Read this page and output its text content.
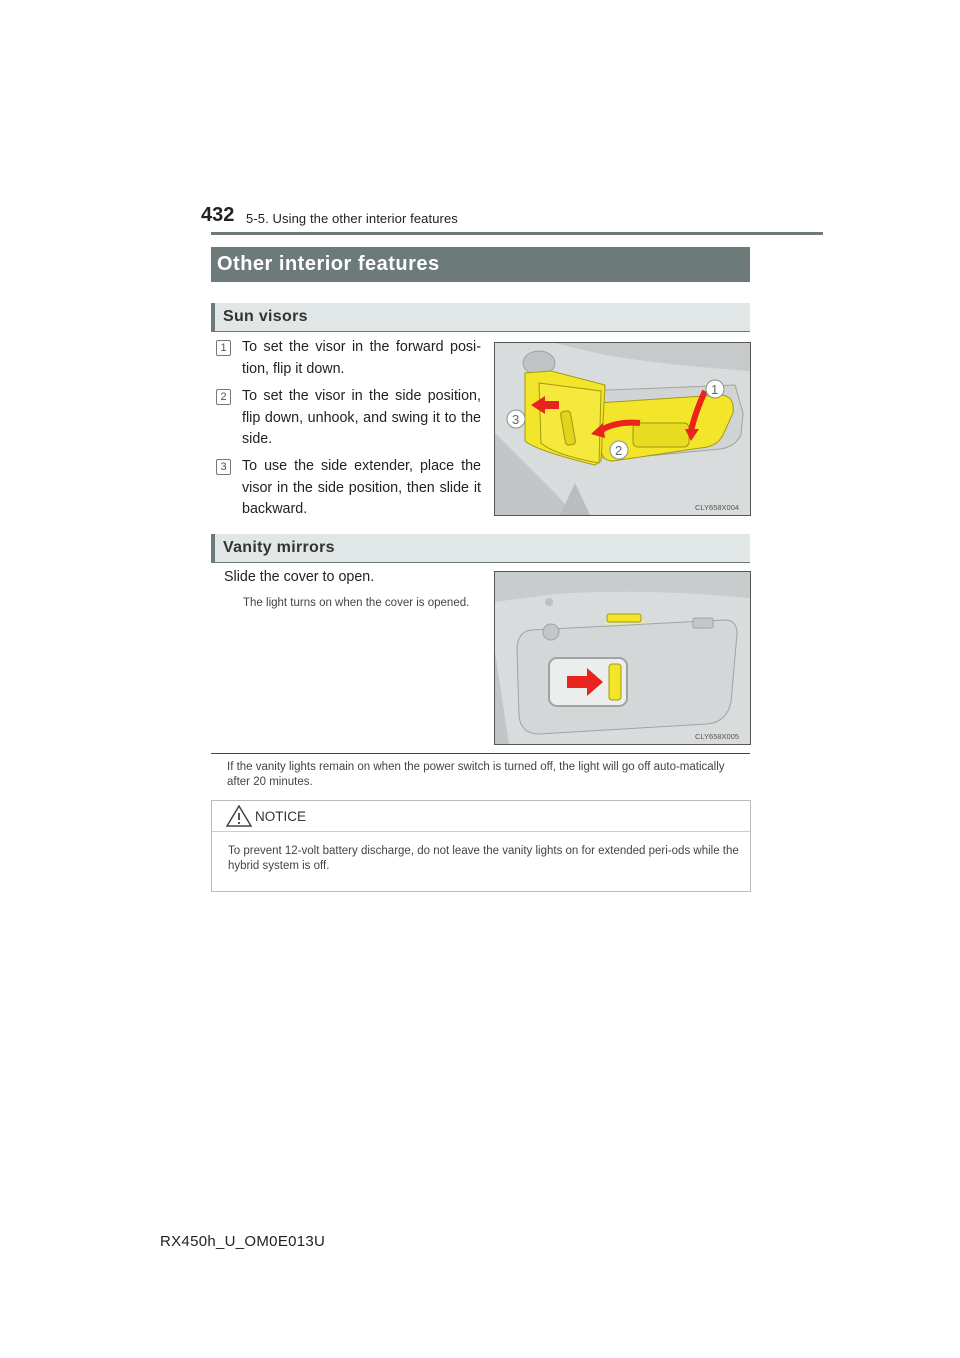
432 5-5. Using the other interior features
Other interior features
Sun visors
1	To set the visor in the forward posi-tion, flip it down.
2	To set the visor in the side position, flip down, unhook, and swing it to the side.
3	To use the side extender, place the visor in the side position, then slide it backward.
1
2
3
CLY658X004
Vanity mirrors
Slide the cover to open.
The light turns on when the cover is opened.
CLY658X005
If the vanity lights remain on when the power switch is turned off, the light will go off auto-matically after 20 minutes.
NOTICE
To prevent 12-volt battery discharge, do not leave the vanity lights on for extended peri-ods while the hybrid system is off.
RX450h_U_OM0E013U
